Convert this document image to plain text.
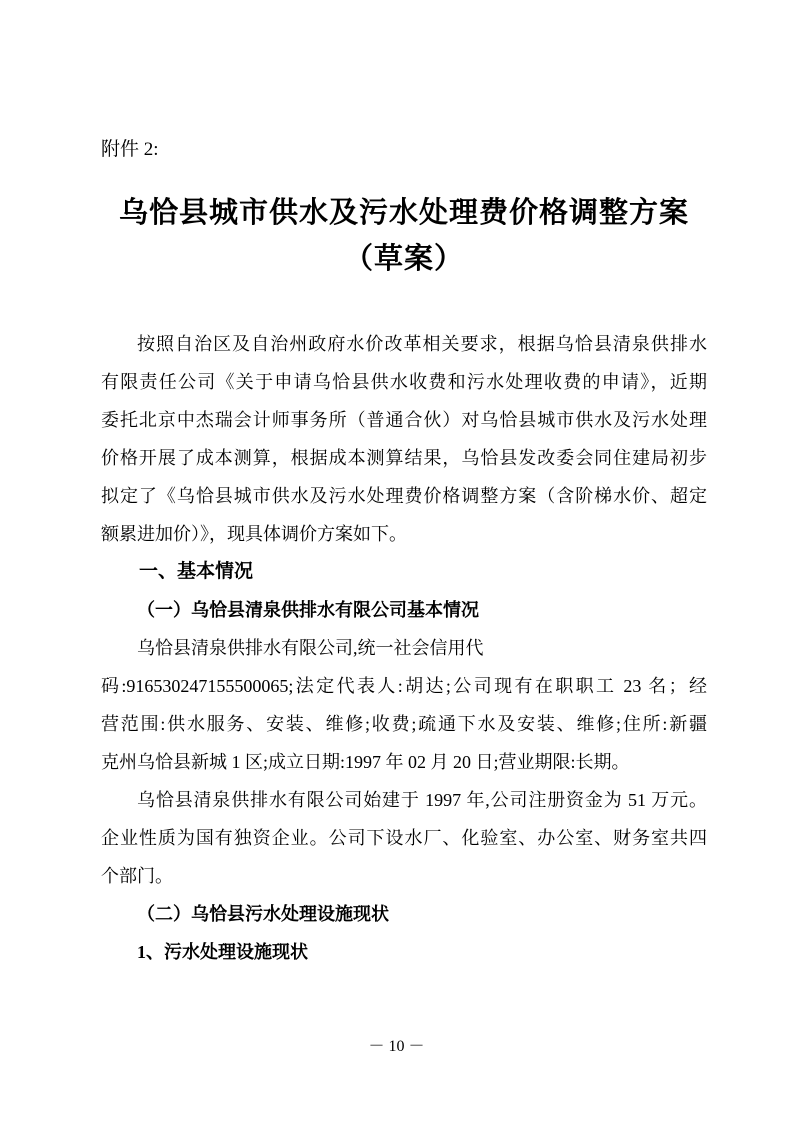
附件 2:
乌恰县城市供水及污水处理费价格调整方案
（草案）
按照自治区及自治州政府水价改革相关要求，根据乌恰县清泉供排水
有限责任公司《关于申请乌恰县供水收费和污水处理收费的申请》，近期
委托北京中杰瑞会计师事务所（普通合伙）对乌恰县城市供水及污水处理
价格开展了成本测算，根据成本测算结果，乌恰县发改委会同住建局初步
拟定了《乌恰县城市供水及污水处理费价格调整方案（含阶梯水价、超定
额累进加价）》，现具体调价方案如下。
一、基本情况
（一）乌恰县清泉供排水有限公司基本情况
乌恰县清泉供排水有限公司,统一社会信用代
码:916530247155500065;法定代表人:胡达;公司现有在职职工 23 名；经
营范围:供水服务、安装、维修;收费;疏通下水及安装、维修;住所:新疆
克州乌恰县新城 1 区;成立日期:1997 年 02 月 20 日;营业期限:长期。
乌恰县清泉供排水有限公司始建于 1997 年,公司注册资金为 51 万元。
企业性质为国有独资企业。公司下设水厂、化验室、办公室、财务室共四
个部门。
（二）乌恰县污水处理设施现状
1、污水处理设施现状
－ 10 －
